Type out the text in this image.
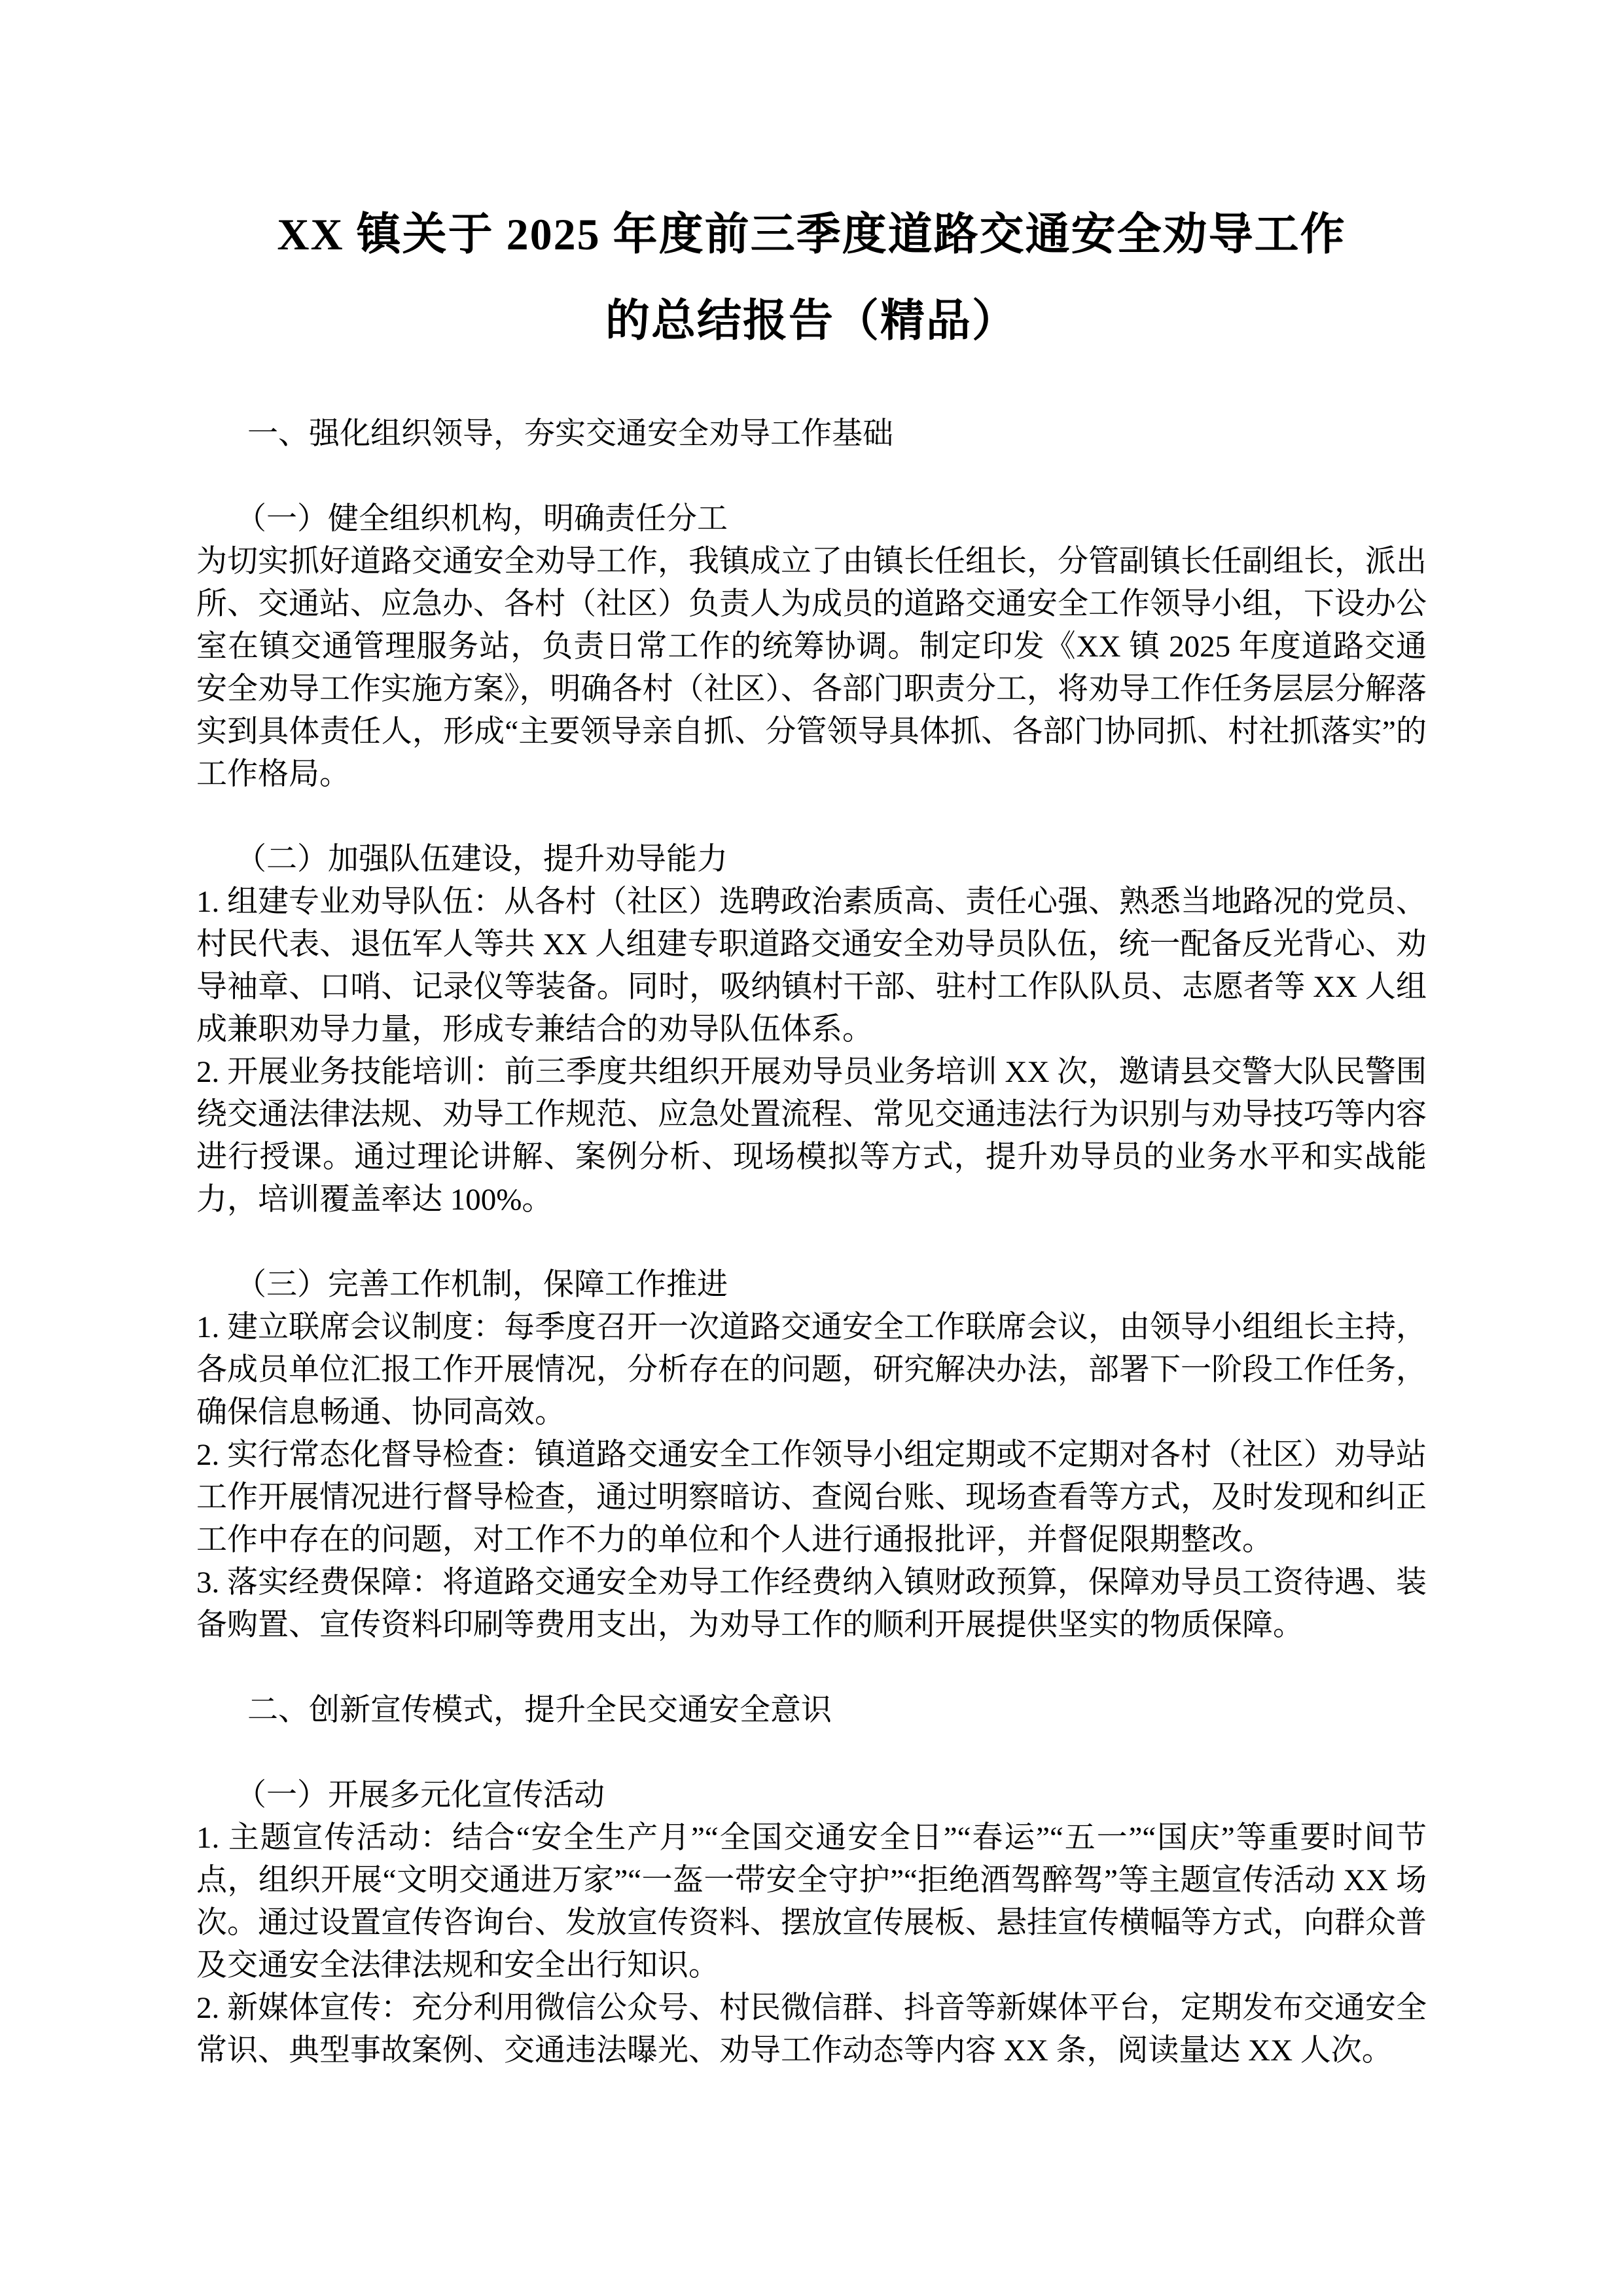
XX 镇关于 2025 年度前三季度道路交通安全劝导工作
的总结报告（精品）

一、强化组织领导，夯实交通安全劝导工作基础

（一）健全组织机构，明确责任分工

为切实抓好道路交通安全劝导工作，我镇成立了由镇长任组长，分管副镇长任副组长，派出所、交通站、应急办、各村（社区）负责人为成员的道路交通安全工作领导小组，下设办公室在镇交通管理服务站，负责日常工作的统筹协调。制定印发《XX 镇 2025 年度道路交通安全劝导工作实施方案》，明确各村（社区）、各部门职责分工，将劝导工作任务层层分解落实到具体责任人，形成“主要领导亲自抓、分管领导具体抓、各部门协同抓、村社抓落实”的工作格局。

（二）加强队伍建设，提升劝导能力

1. 组建专业劝导队伍：从各村（社区）选聘政治素质高、责任心强、熟悉当地路况的党员、村民代表、退伍军人等共 XX 人组建专职道路交通安全劝导员队伍，统一配备反光背心、劝导袖章、口哨、记录仪等装备。同时，吸纳镇村干部、驻村工作队队员、志愿者等 XX 人组成兼职劝导力量，形成专兼结合的劝导队伍体系。

2. 开展业务技能培训：前三季度共组织开展劝导员业务培训 XX 次，邀请县交警大队民警围绕交通法律法规、劝导工作规范、应急处置流程、常见交通违法行为识别与劝导技巧等内容进行授课。通过理论讲解、案例分析、现场模拟等方式，提升劝导员的业务水平和实战能力，培训覆盖率达 100%。

（三）完善工作机制，保障工作推进

1. 建立联席会议制度：每季度召开一次道路交通安全工作联席会议，由领导小组组长主持，各成员单位汇报工作开展情况，分析存在的问题，研究解决办法，部署下一阶段工作任务，确保信息畅通、协同高效。

2. 实行常态化督导检查：镇道路交通安全工作领导小组定期或不定期对各村（社区）劝导站工作开展情况进行督导检查，通过明察暗访、查阅台账、现场查看等方式，及时发现和纠正工作中存在的问题，对工作不力的单位和个人进行通报批评，并督促限期整改。

3. 落实经费保障：将道路交通安全劝导工作经费纳入镇财政预算，保障劝导员工资待遇、装备购置、宣传资料印刷等费用支出，为劝导工作的顺利开展提供坚实的物质保障。

二、创新宣传模式，提升全民交通安全意识

（一）开展多元化宣传活动

1. 主题宣传活动：结合“安全生产月”“全国交通安全日”“春运”“五一”“国庆”等重要时间节点，组织开展“文明交通进万家”“一盔一带安全守护”“拒绝酒驾醉驾”等主题宣传活动 XX 场次。通过设置宣传咨询台、发放宣传资料、摆放宣传展板、悬挂宣传横幅等方式，向群众普及交通安全法律法规和安全出行知识。

2. 新媒体宣传：充分利用微信公众号、村民微信群、抖音等新媒体平台，定期发布交通安全常识、典型事故案例、交通违法曝光、劝导工作动态等内容 XX 条，阅读量达 XX 人次。
